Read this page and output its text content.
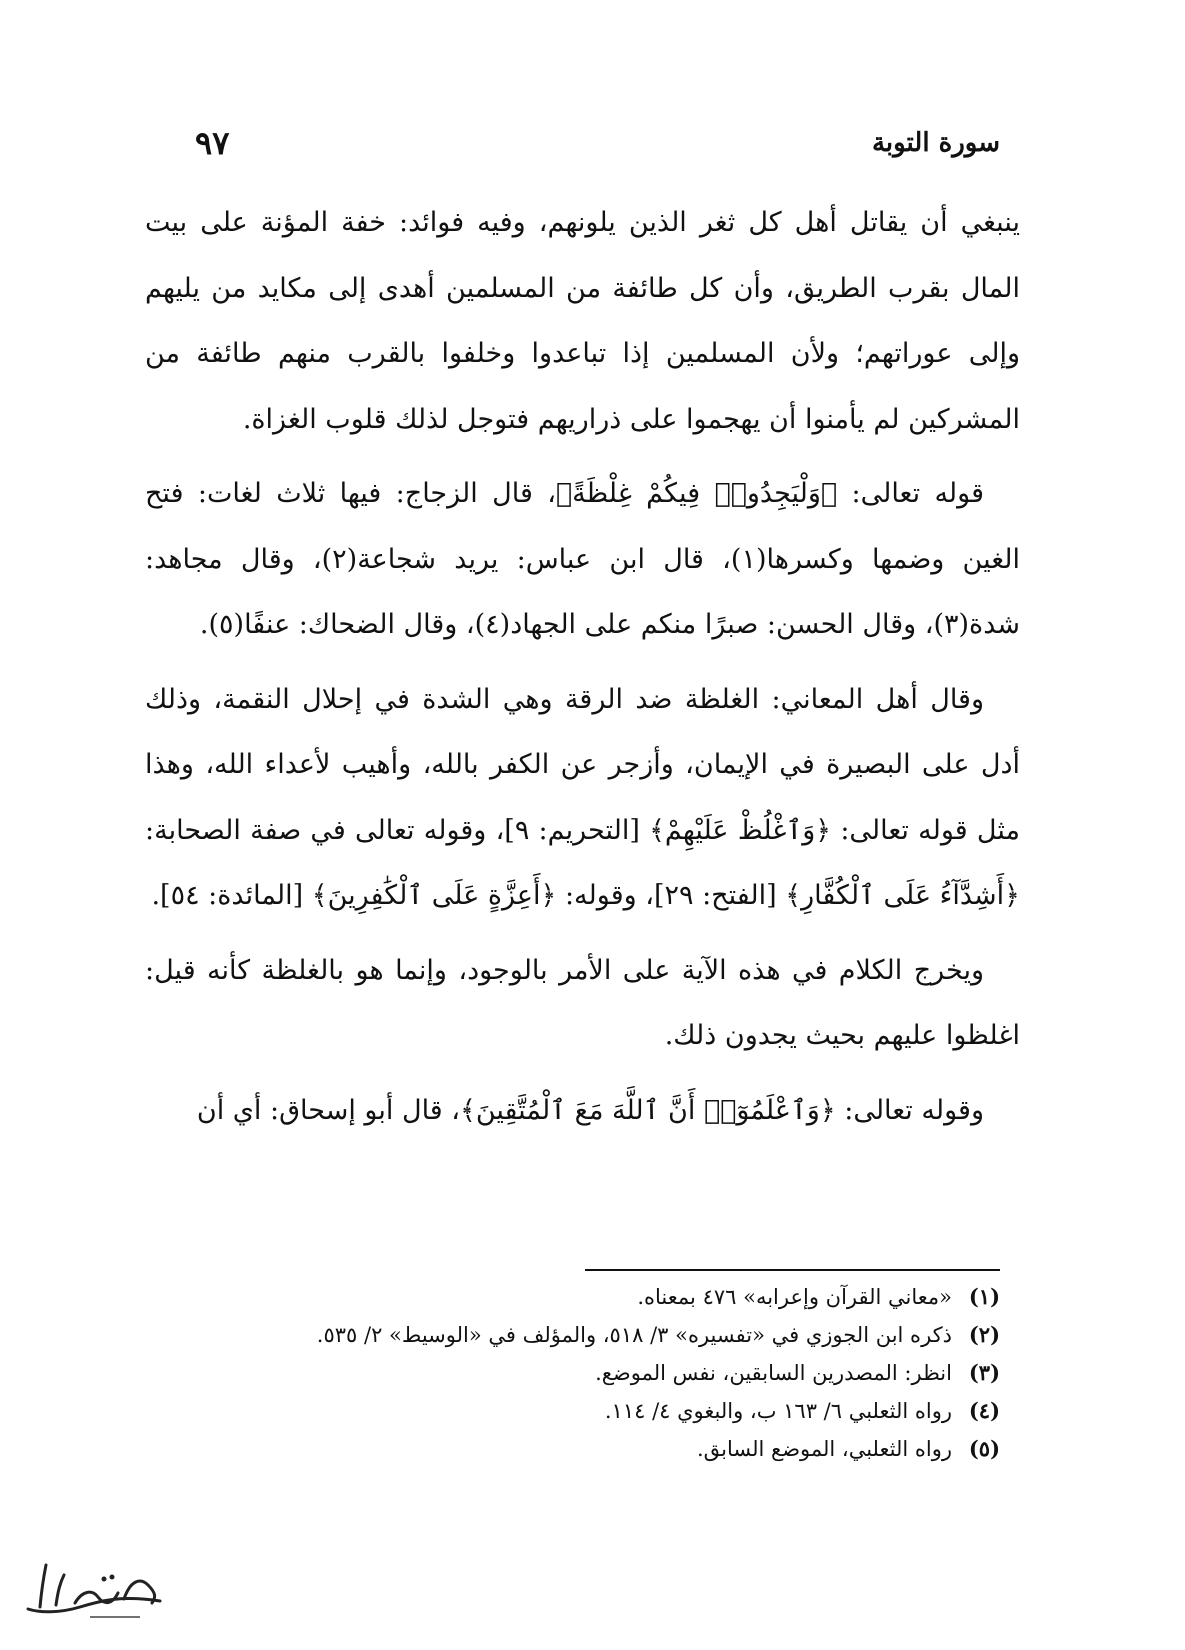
سورة التوبة
٩٧

ينبغي أن يقاتل أهل كل ثغر الذين يلونهم، وفيه فوائد: خفة المؤنة على بيت المال بقرب الطريق، وأن كل طائفة من المسلمين أهدى إلى مكايد من يليهم وإلى عوراتهم؛ ولأن المسلمين إذا تباعدوا وخلفوا بالقرب منهم طائفة من المشركين لم يأمنوا أن يهجموا على ذراريهم فتوجل لذلك قلوب الغزاة.

قوله تعالى: ﴿وَلْيَجِدُوا۟ فِيكُمْ غِلْظَةً﴾، قال الزجاج: فيها ثلاث لغات: فتح الغين وضمها وكسرها(١)، قال ابن عباس: يريد شجاعة(٢)، وقال مجاهد: شدة(٣)، وقال الحسن: صبرًا منكم على الجهاد(٤)، وقال الضحاك: عنفًا(٥).

وقال أهل المعاني: الغلظة ضد الرقة وهي الشدة في إحلال النقمة، وذلك أدل على البصيرة في الإيمان، وأزجر عن الكفر بالله، وأهيب لأعداء الله، وهذا مثل قوله تعالى: ﴿وَٱغْلُظْ عَلَيْهِمْ﴾ [التحريم: ٩]، وقوله تعالى في صفة الصحابة: ﴿أَشِدَّآءُ عَلَى ٱلْكُفَّارِ﴾ [الفتح: ٢٩]، وقوله: ﴿أَعِزَّةٍ عَلَى ٱلْكَٰفِرِينَ﴾ [المائدة: ٥٤].

ويخرج الكلام في هذه الآية على الأمر بالوجود، وإنما هو بالغلظة كأنه قيل: اغلظوا عليهم بحيث يجدون ذلك.

وقوله تعالى: ﴿وَٱعْلَمُوٓا۟ أَنَّ ٱللَّهَ مَعَ ٱلْمُتَّقِينَ﴾، قال أبو إسحاق: أي أن

(١)
«معاني القرآن وإعرابه» ٤٧٦ بمعناه.
(٢)
ذكره ابن الجوزي في «تفسيره» ٣/ ٥١٨، والمؤلف في «الوسيط» ٢/ ٥٣٥.
(٣)
انظر: المصدرين السابقين، نفس الموضع.
(٤)
رواه الثعلبي ٦/ ١٦٣ ب، والبغوي ٤/ ١١٤.
(٥)
رواه الثعلبي، الموضع السابق.
